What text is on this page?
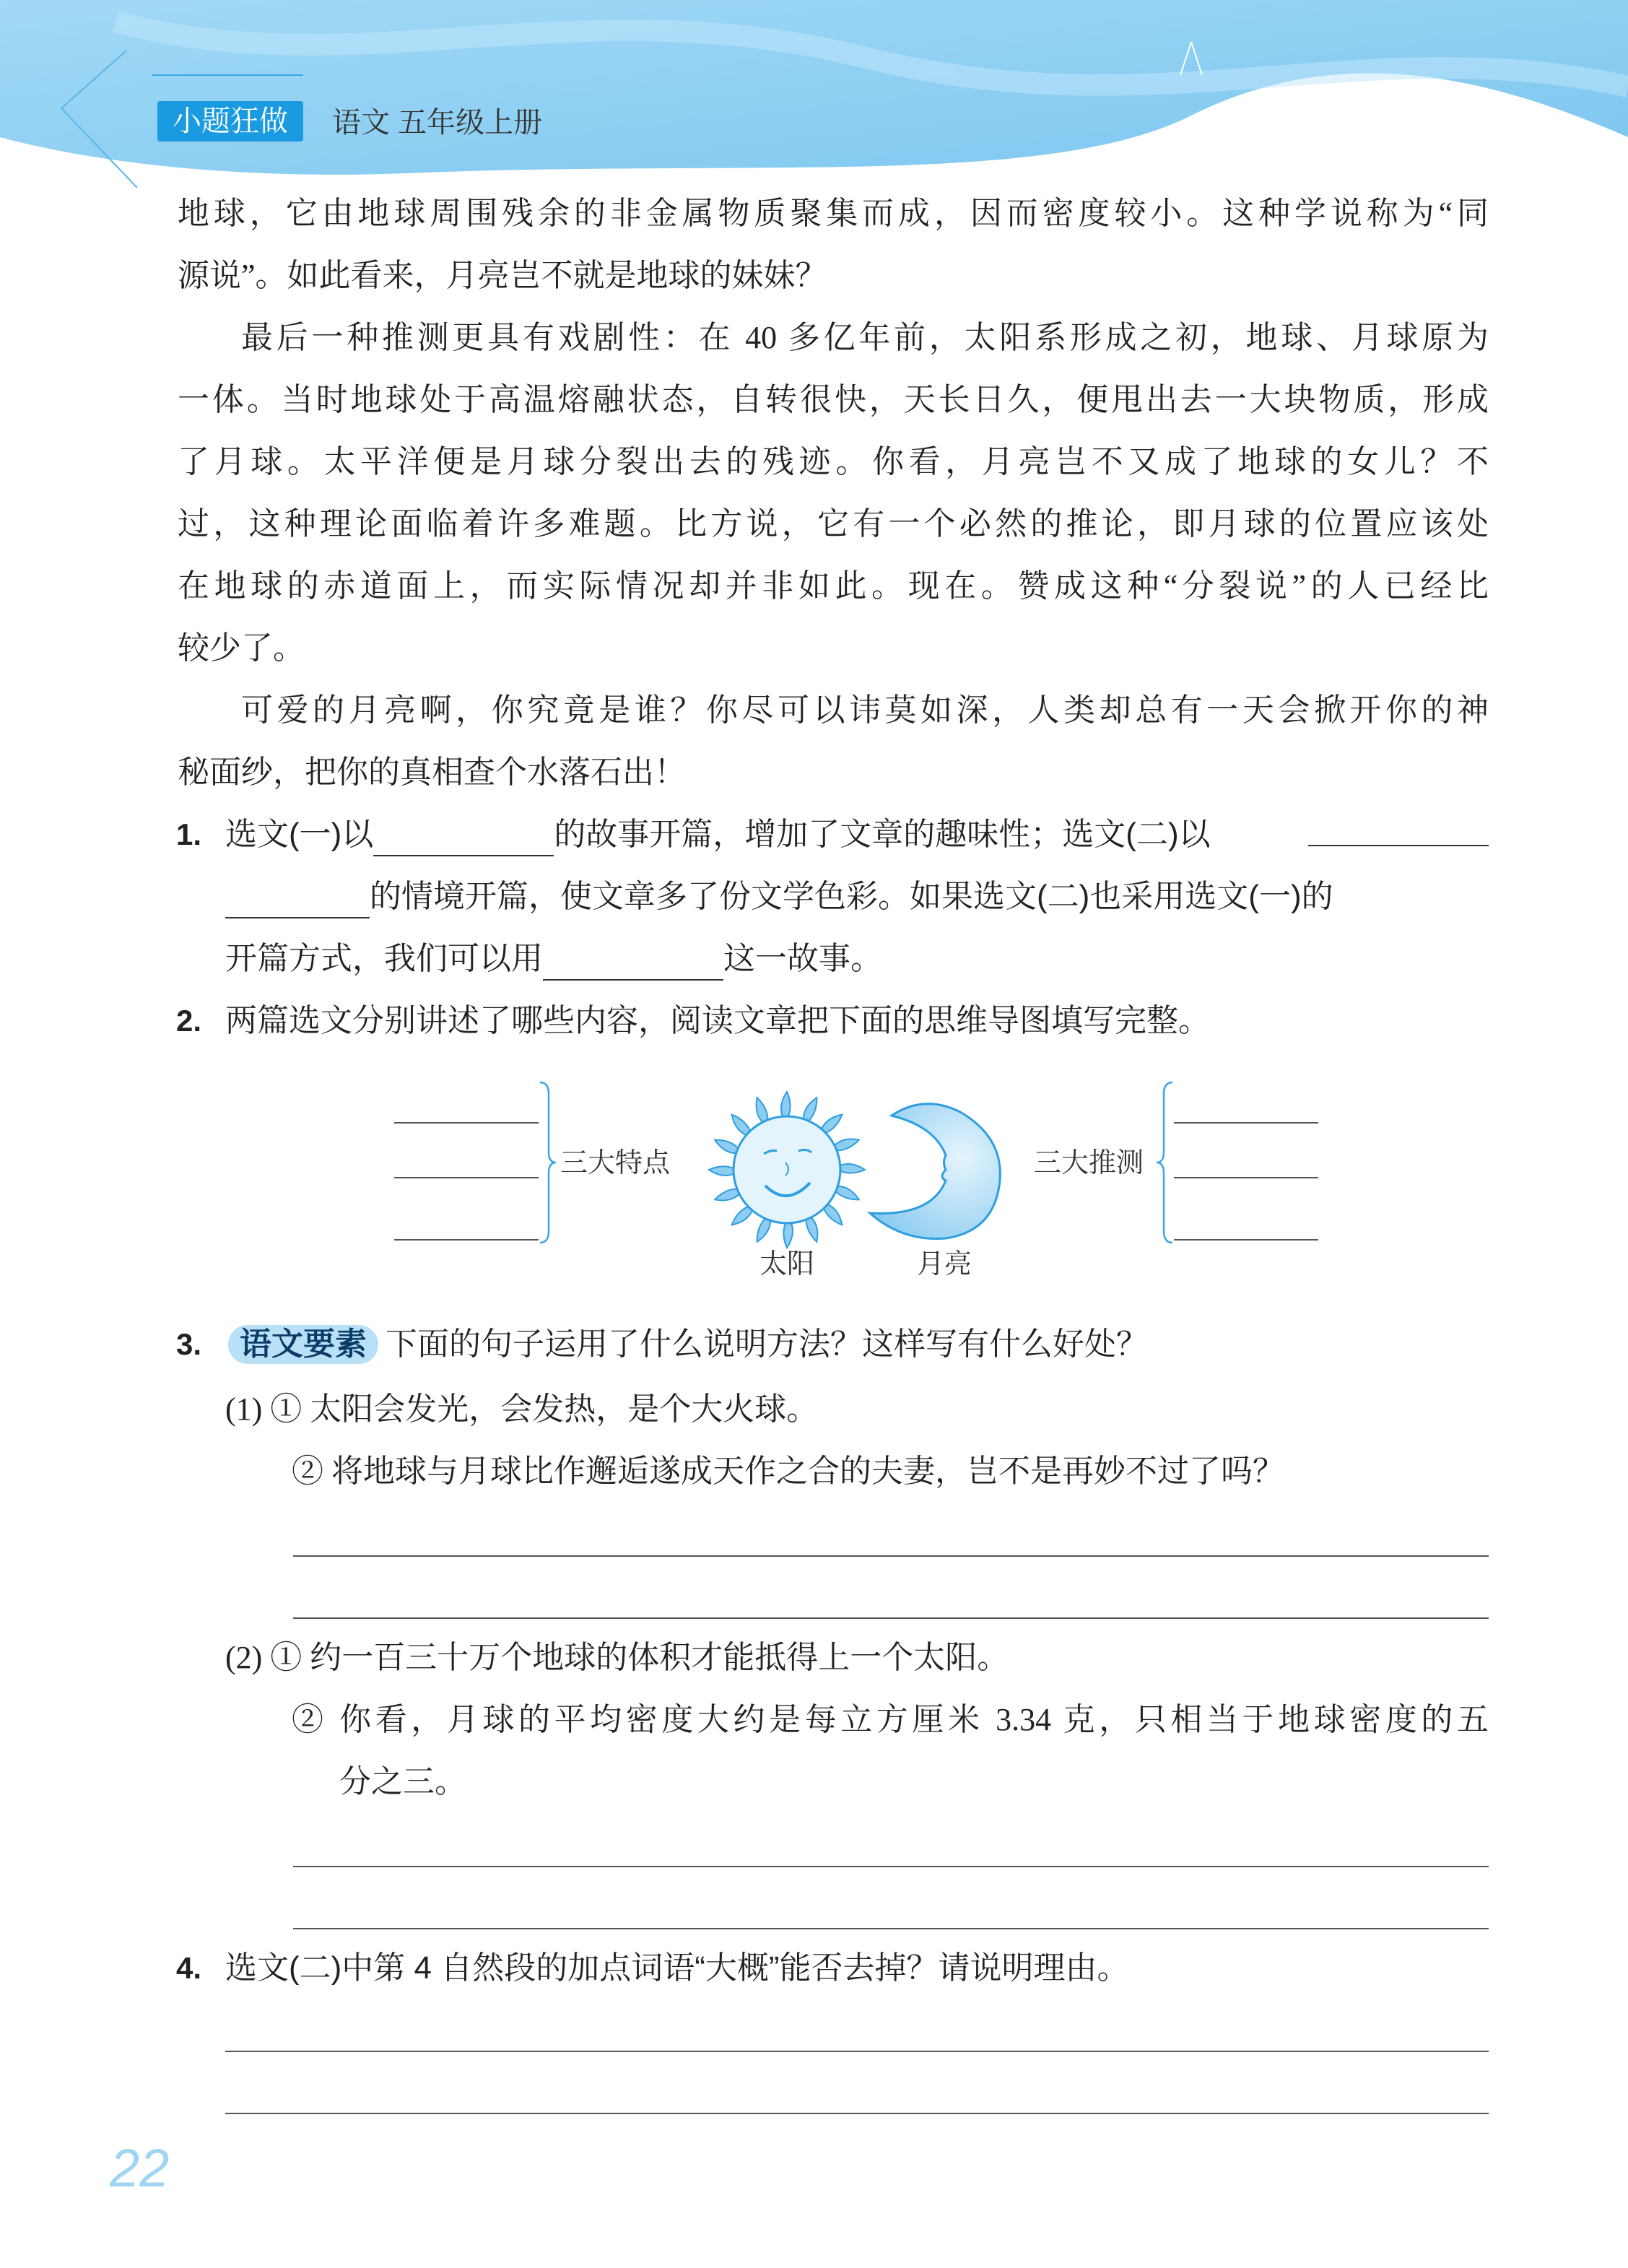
小题狂做	语文 五年级上册
地球，它由地球周围残余的非金属物质聚集而成，因而密度较小。这种学说称为“同
源说”。如此看来，月亮岂不就是地球的妹妹？
最后一种推测更具有戏剧性：在 40 多亿年前，太阳系形成之初，地球、月球原为
一体。当时地球处于高温熔融状态，自转很快，天长日久，便甩出去一大块物质，形成
了月球。太平洋便是月球分裂出去的残迹。你看，月亮岂不又成了地球的女儿？不
过，这种理论面临着许多难题。比方说，它有一个必然的推论，即月球的位置应该处
在地球的赤道面上，而实际情况却并非如此。现在。赞成这种“分裂说”的人已经比
较少了。
可爱的月亮啊，你究竟是谁？你尽可以讳莫如深，人类却总有一天会掀开你的神
秘面纱，把你的真相查个水落石出！
1. 选文(一)以	的故事开篇，增加了文章的趣味性；选文(二)以
的情境开篇，使文章多了份文学色彩。如果选文(二)也采用选文(一)的
开篇方式，我们可以用	这一故事。
2. 两篇选文分别讲述了哪些内容，阅读文章把下面的思维导图填写完整。
三大特点
太阳	月亮
三大推测
3.	语文要素 下面的句子运用了什么说明方法？这样写有什么好处？
(1) ① 太阳会发光，会发热，是个大火球。
② 将地球与月球比作邂逅遂成天作之合的夫妻，岂不是再妙不过了吗？
(2) ① 约一百三十万个地球的体积才能抵得上一个太阳。
② 你看，月球的平均密度大约是每立方厘米 3.34 克，只相当于地球密度的五
分之三。
4. 选文(二)中第 4 自然段的加点词语“大概”能否去掉？请说明理由。
22
